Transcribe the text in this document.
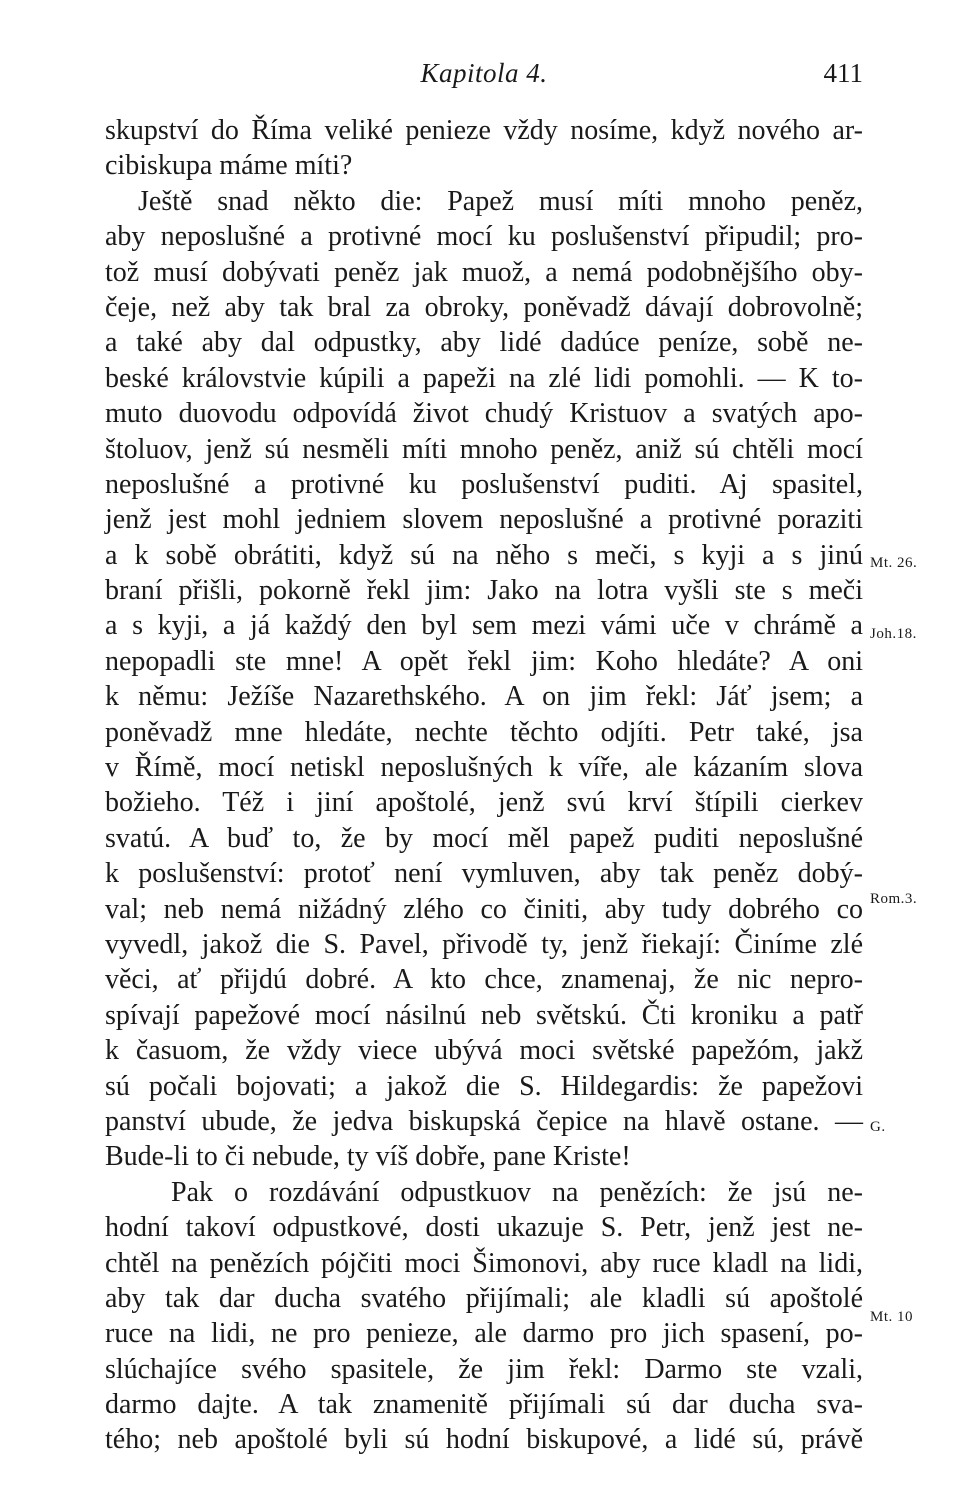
Kapitola 4.	411
skupství do Říma veliké penieze vždy nosíme, když nového ar-
cibiskupa máme míti?
Ještě snad někto die: Papež musí míti mnoho peněz,
aby neposlušné a protivné mocí ku poslušenství připudil; pro-
tož musí dobývati peněz jak muož, a nemá podobnějšího oby-
čeje, než aby tak bral za obroky, poněvadž dávají dobrovolně;
a také aby dal odpustky, aby lidé dadúce peníze, sobě ne-
beské královstvie kúpili a papeži na zlé lidi pomohli. — K to-
muto duovodu odpovídá život chudý Kristuov a svatých apo-
štoluov, jenž sú nesměli míti mnoho peněz, aniž sú chtěli mocí
neposlušné a protivné ku poslušenství puditi. Aj spasitel,
jenž jest mohl jedniem slovem neposlušné a protivné poraziti
a k sobě obrátiti, když sú na něho s meči, s kyji a s jinú
braní přišli, pokorně řekl jim: Jako na lotra vyšli ste s meči
a s kyji, a já každý den byl sem mezi vámi uče v chrámě a
nepopadli ste mne! A opět řekl jim: Koho hledáte? A oni
k němu: Ježíše Nazarethského. A on jim řekl: Jáť jsem; a
poněvadž mne hledáte, nechte těchto odjíti. Petr také, jsa
v Římě, mocí netiskl neposlušných k víře, ale kázaním slova
božieho. Též i jiní apoštolé, jenž svú krví štípili cierkev
svatú. A buď to, že by mocí měl papež puditi neposlušné
k poslušenství: protoť není vymluven, aby tak peněz dobý-
val; neb nemá nižádný zlého co činiti, aby tudy dobrého co
vyvedl, jakož die S. Pavel, přivodě ty, jenž řiekají: Činíme zlé
věci, ať přijdú dobré. A kto chce, znamenaj, že nic nepro-
spívají papežové mocí násilnú neb světskú. Čti kroniku a patř
k časuom, že vždy viece ubývá moci světské papežóm, jakž
sú počali bojovati; a jakož die S. Hildegardis: že papežovi
panství ubude, že jedva biskupská čepice na hlavě ostane. —
Bude-li to či nebude, ty víš dobře, pane Kriste!
Pak o rozdávání odpustkuov na penězích: že jsú ne-
hodní takoví odpustkové, dosti ukazuje S. Petr, jenž jest ne-
chtěl na penězích pójčiti moci Šimonovi, aby ruce kladl na lidi,
aby tak dar ducha svatého přijímali; ale kladli sú apoštolé
ruce na lidi, ne pro penieze, ale darmo pro jich spasení, po-
slúchajíce svého spasitele, že jim řekl: Darmo ste vzali,
darmo dajte. A tak znamenitě přijímali sú dar ducha sva-
tého; neb apoštolé byli sú hodní biskupové, a lidé sú, právě
Mt. 26.
Joh.18.
Rom.3.
G.
Mt. 10
